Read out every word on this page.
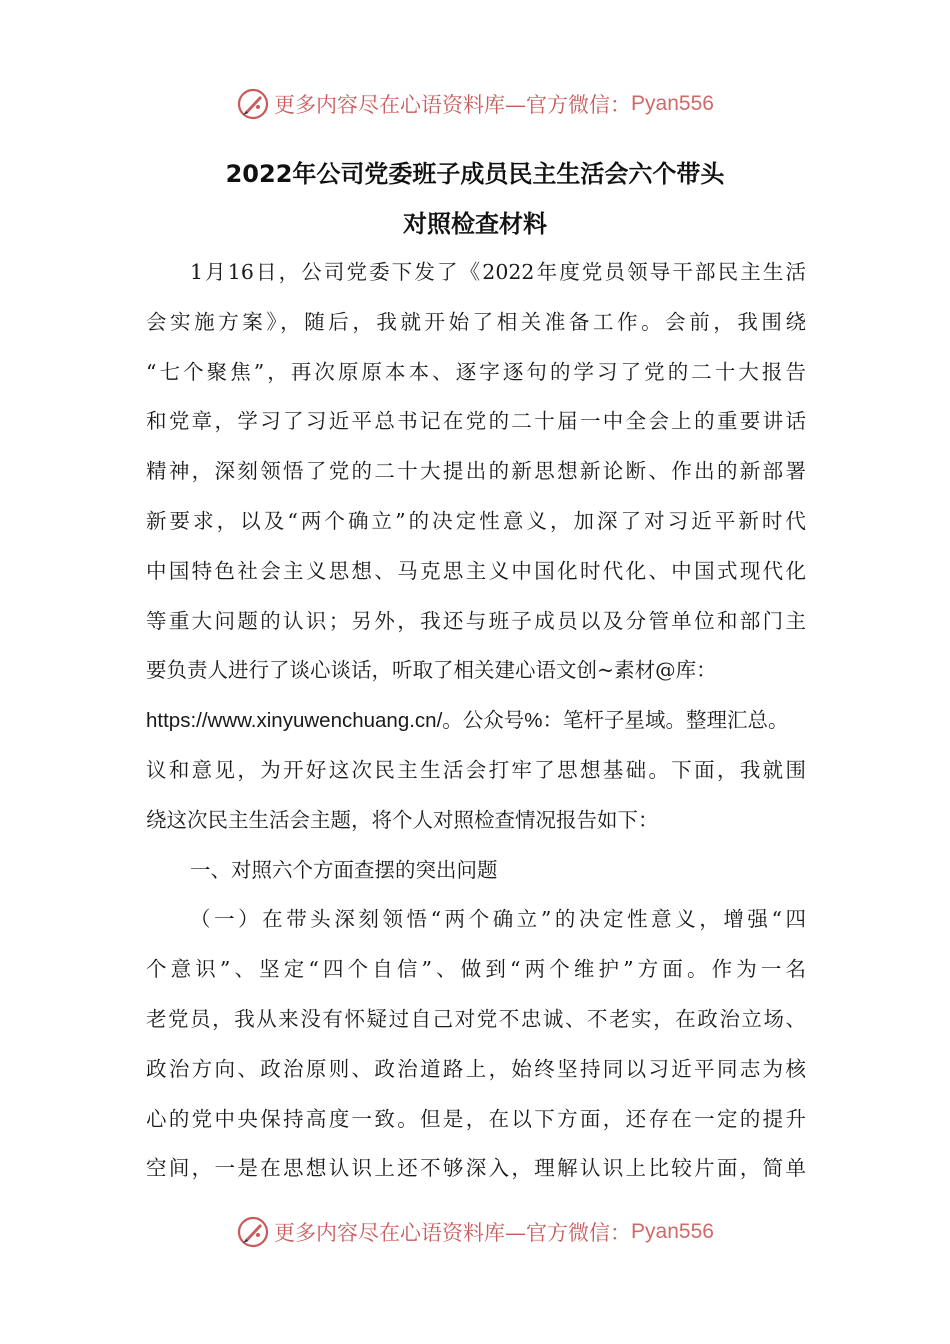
更多内容尽在心语资料库—官方微信： Pyan556
2022年公司党委班子成员民主生活会六个带头
对照检查材料
1月16日，公司党委下发了《2022年度党员领导干部民主生活
会实施方案》，随后，我就开始了相关准备工作。会前，我围绕
“七个聚焦”，再次原原本本、逐字逐句的学习了党的二十大报告
和党章，学习了习近平总书记在党的二十届一中全会上的重要讲话
精神，深刻领悟了党的二十大提出的新思想新论断、作出的新部署
新要求，以及“两个确立”的决定性意义，加深了对习近平新时代
中国特色社会主义思想、马克思主义中国化时代化、中国式现代化
等重大问题的认识；另外，我还与班子成员以及分管单位和部门主
要负责人进行了谈心谈话，听取了相关建心语文创~素材@库：
https://www.xinyuwenchuang.cn/。公众号%：笔杆子星域。整理汇总。
议和意见，为开好这次民主生活会打牢了思想基础。下面，我就围
绕这次民主生活会主题，将个人对照检查情况报告如下：
一、对照六个方面查摆的突出问题
（一）在带头深刻领悟“两个确立”的决定性意义，增强“四
个意识”、坚定“四个自信”、做到“两个维护”方面。作为一名
老党员，我从来没有怀疑过自己对党不忠诚、不老实，在政治立场、
政治方向、政治原则、政治道路上，始终坚持同以习近平同志为核
心的党中央保持高度一致。但是，在以下方面，还存在一定的提升
空间，一是在思想认识上还不够深入，理解认识上比较片面，简单
更多内容尽在心语资料库—官方微信： Pyan556
